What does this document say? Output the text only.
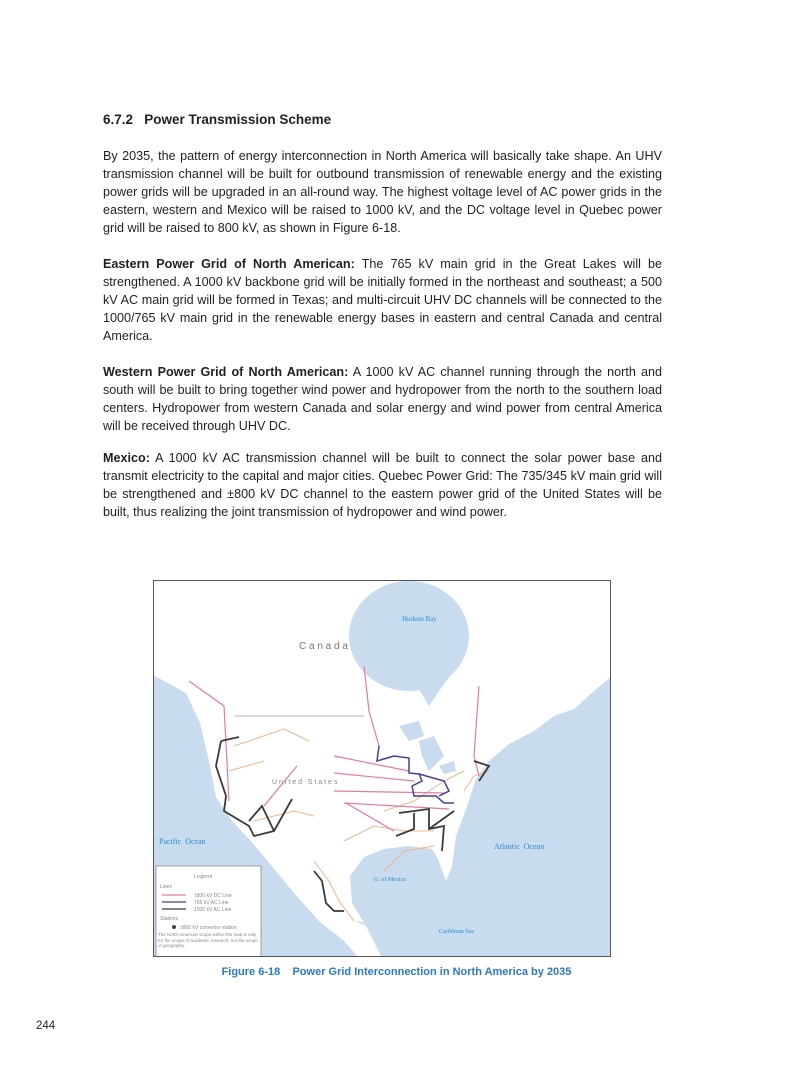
6.7.2 Power Transmission Scheme
By 2035, the pattern of energy interconnection in North America will basically take shape. An UHV transmission channel will be built for outbound transmission of renewable energy and the existing power grids will be upgraded in an all-round way. The highest voltage level of AC power grids in the eastern, western and Mexico will be raised to 1000 kV, and the DC voltage level in Quebec power grid will be raised to 800 kV, as shown in Figure 6-18.
Eastern Power Grid of North American: The 765 kV main grid in the Great Lakes will be strengthened. A 1000 kV backbone grid will be initially formed in the northeast and southeast; a 500 kV AC main grid will be formed in Texas; and multi-circuit UHV DC channels will be connected to the 1000/765 kV main grid in the renewable energy bases in eastern and central Canada and central America.
Western Power Grid of North American: A 1000 kV AC channel running through the north and south will be built to bring together wind power and hydropower from the north to the southern load centers. Hydropower from western Canada and solar energy and wind power from central America will be received through UHV DC.
Mexico: A 1000 kV AC transmission channel will be built to connect the solar power base and transmit electricity to the capital and major cities. Quebec Power Grid: The 735/345 kV main grid will be strengthened and ±800 kV DC channel to the eastern power grid of the United States will be built, thus realizing the joint transmission of hydropower and wind power.
Hudson Bay
C a n a d a
U n i t e d   S t a t e s
Pacific  Ocean
Atlantic  Ocean
G. of Mexico
Caribbean Sea
Legend
Lines
±800 kV DC Line
765 kV AC Line
1000 kV AC Line
Stations
±800 kV convertor station
The North American scope within this map is only for the scope of academic research, not the scope of geography.
Figure 6-18    Power Grid Interconnection in North America by 2035
244
